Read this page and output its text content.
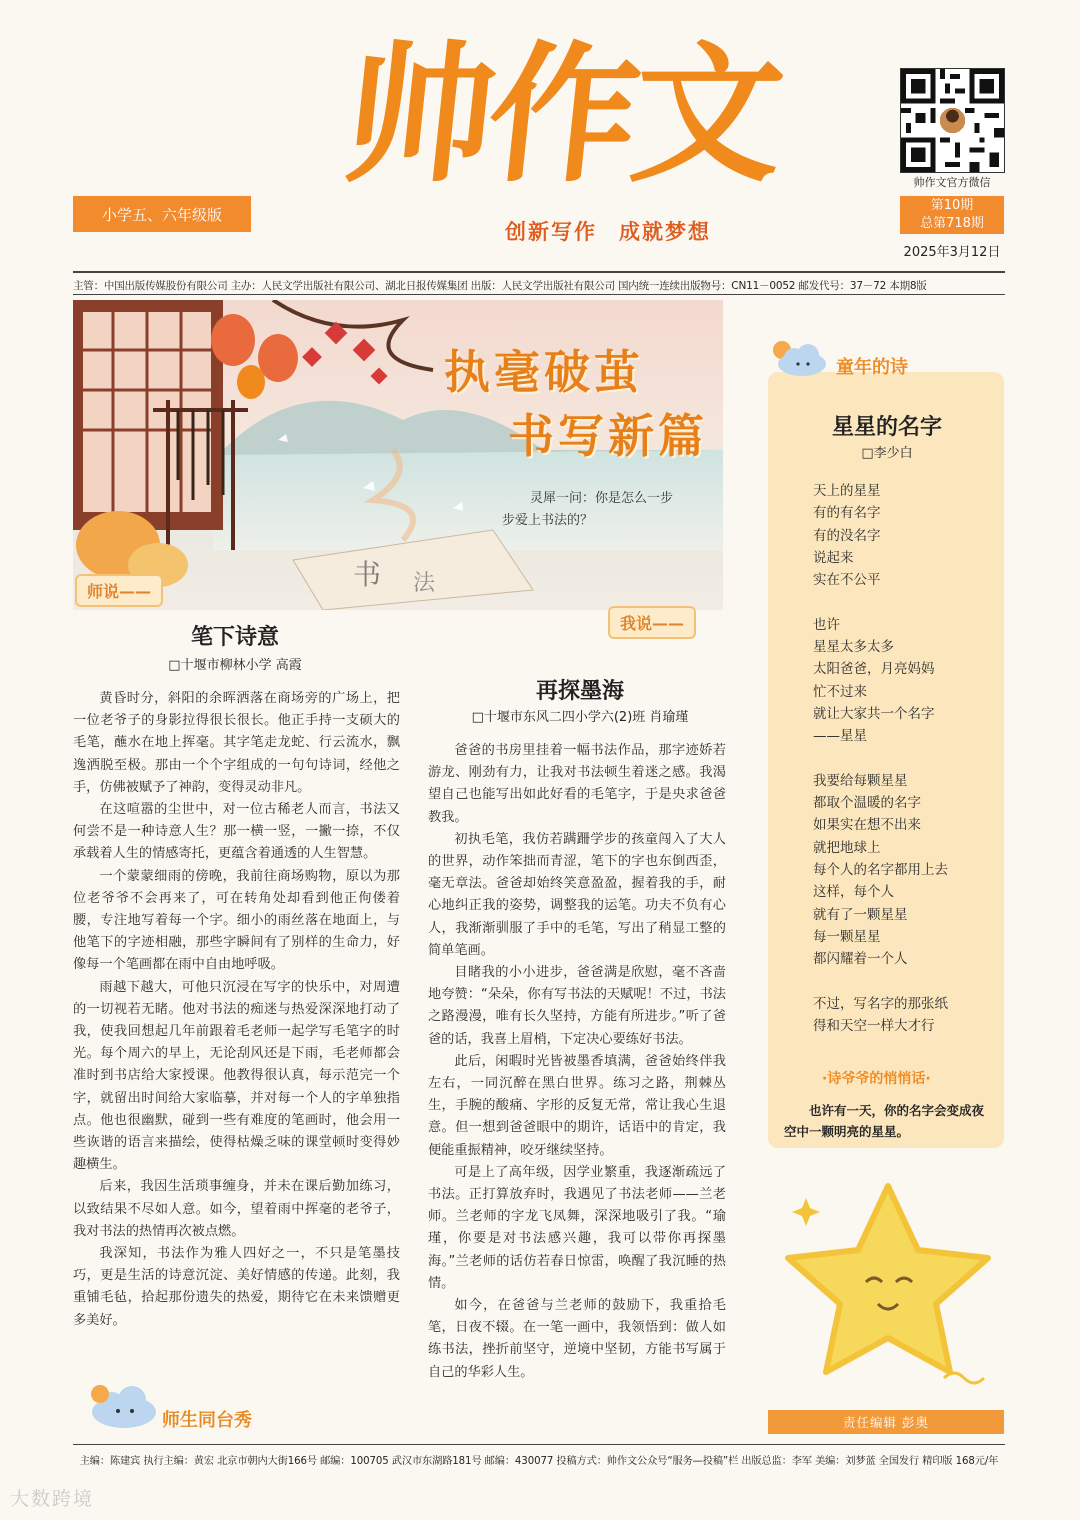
帅作文
创新写作 成就梦想
小学五、六年级版
帅作文官方微信
第10期
总第718期
2025年3月12日
主管：中国出版传媒股份有限公司 主办：人民文学出版社有限公司、湖北日报传媒集团 出版：人民文学出版社有限公司 国内统一连续出版物号：CN11－0052 邮发代号：37－72 本期8版
书 法
执毫破茧
书写新篇
灵犀一问：你是怎么一步
步爱上书法的？
师说——
笔下诗意
□十堰市柳林小学 高霞

黄昏时分，斜阳的余晖洒落在商场旁的广场上，把一位老爷子的身影拉得很长很长。他正手持一支硕大的毛笔，蘸水在地上挥毫。其字笔走龙蛇、行云流水，飘逸洒脱至极。那由一个个字组成的一句句诗词，经他之手，仿佛被赋予了神韵，变得灵动非凡。

在这喧嚣的尘世中，对一位古稀老人而言，书法又何尝不是一种诗意人生？那一横一竖，一撇一捺，不仅承载着人生的情感寄托，更蕴含着通透的人生智慧。

一个蒙蒙细雨的傍晚，我前往商场购物，原以为那位老爷爷不会再来了，可在转角处却看到他正佝偻着腰，专注地写着每一个字。细小的雨丝落在地面上，与他笔下的字迹相融，那些字瞬间有了别样的生命力，好像每一个笔画都在雨中自由地呼吸。

雨越下越大，可他只沉浸在写字的快乐中，对周遭的一切视若无睹。他对书法的痴迷与热爱深深地打动了我，使我回想起几年前跟着毛老师一起学写毛笔字的时光。每个周六的早上，无论刮风还是下雨，毛老师都会准时到书店给大家授课。他教得很认真，每示范完一个字，就留出时间给大家临摹，并对每一个人的字单独指点。他也很幽默，碰到一些有难度的笔画时，他会用一些诙谐的语言来描绘，使得枯燥乏味的课堂顿时变得妙趣横生。

后来，我因生活琐事缠身，并未在课后勤加练习，以致结果不尽如人意。如今，望着雨中挥毫的老爷子，我对书法的热情再次被点燃。

我深知，书法作为雅人四好之一，不只是笔墨技巧，更是生活的诗意沉淀、美好情感的传递。此刻，我重铺毛毡，拾起那份遗失的热爱，期待它在未来馈赠更多美好。

我说——
再探墨海
□十堰市东风二四小学六(2)班 肖瑜瑾

爸爸的书房里挂着一幅书法作品，那字迹娇若游龙、刚劲有力，让我对书法顿生着迷之感。我渴望自己也能写出如此好看的毛笔字，于是央求爸爸教我。

初执毛笔，我仿若蹒跚学步的孩童闯入了大人的世界，动作笨拙而青涩，笔下的字也东倒西歪，毫无章法。爸爸却始终笑意盈盈，握着我的手，耐心地纠正我的姿势，调整我的运笔。功夫不负有心人，我渐渐驯服了手中的毛笔，写出了稍显工整的简单笔画。

目睹我的小小进步，爸爸满是欣慰，毫不吝啬地夸赞：“朵朵，你有写书法的天赋呢！不过，书法之路漫漫，唯有长久坚持，方能有所进步。”听了爸爸的话，我喜上眉梢，下定决心要练好书法。

此后，闲暇时光皆被墨香填满，爸爸始终伴我左右，一同沉醉在黑白世界。练习之路，荆棘丛生，手腕的酸痛、字形的反复无常，常让我心生退意。但一想到爸爸眼中的期许，话语中的肯定，我便能重振精神，咬牙继续坚持。

可是上了高年级，因学业繁重，我逐渐疏远了书法。正打算放弃时，我遇见了书法老师——兰老师。兰老师的字龙飞凤舞，深深地吸引了我。“瑜瑾，你要是对书法感兴趣，我可以带你再探墨海。”兰老师的话仿若春日惊雷，唤醒了我沉睡的热情。

如今，在爸爸与兰老师的鼓励下，我重拾毛笔，日夜不辍。在一笔一画中，我领悟到：做人如练书法，挫折前坚守，逆境中坚韧，方能书写属于自己的华彩人生。

师生同台秀
童年的诗
星星的名字
□李少白
天上的星星
有的有名字
有的没名字
说起来
实在不公平
也许
星星太多太多
太阳爸爸，月亮妈妈
忙不过来
就让大家共一个名字
——星星
我要给每颗星星
都取个温暖的名字
如果实在想不出来
就把地球上
每个人的名字都用上去
这样，每个人
就有了一颗星星
每一颗星星
都闪耀着一个人
不过，写名字的那张纸
得和天空一样大才行
·诗爷爷的悄悄话·
也许有一天，你的名字会变成夜空中一颗明亮的星星。
责任编辑 彭奥
主编：陈建宾 执行主编：黄宏 北京市朝内大街166号 邮编：100705 武汉市东湖路181号 邮编：430077 投稿方式：帅作文公众号“服务—投稿”栏 出版总监：李军 美编：刘梦蓝 全国发行 精印版 168元/年
大数跨境
